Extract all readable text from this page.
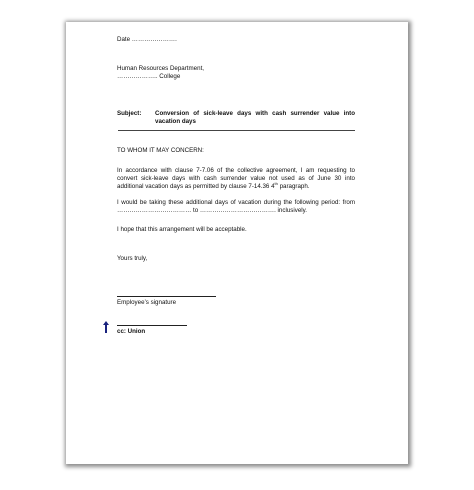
Date ………………….
Human Resources Department,
……………….. College
Subject: Conversion of sick-leave days with cash surrender value into
vacation days
TO WHOM IT MAY CONCERN:
In accordance with clause 7-7.06 of the collective agreement, I am requesting to
convert sick-leave days with cash surrender value not used as of June 30 into
additional vacation days as permitted by clause 7-14.36 4th paragraph.
I would be taking these additional days of vacation during the following period: from
……………………………… to ………………………………. inclusively.
I hope that this arrangement will be acceptable.
Yours truly,
Employee’s signature
cc: Union
